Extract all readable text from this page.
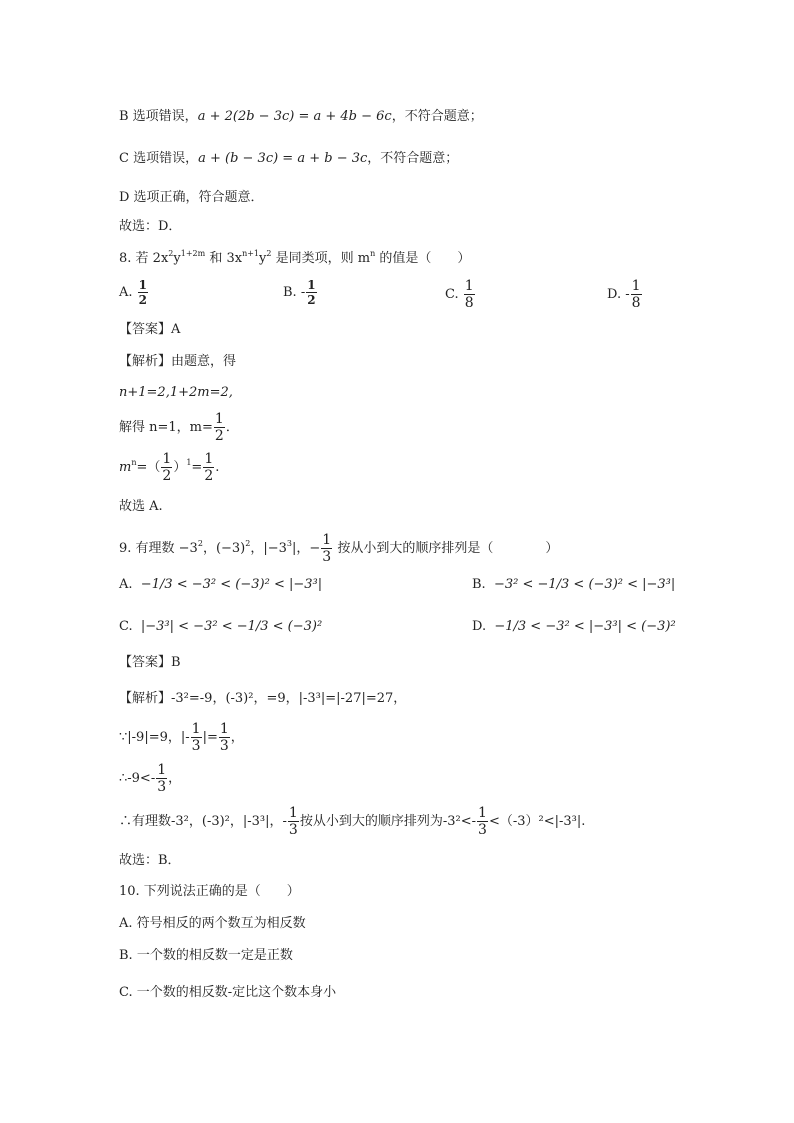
B 选项错误，a + 2(2b − 3c) = a + 4b − 6c，不符合题意；
C 选项错误，a + (b − 3c) = a + b − 3c，不符合题意；
D 选项正确，符合题意．
故选：D．
8. 若 $2x^2y^{1+2m}$ 和 $3x^{n+1}y^2$ 是同类项，则 $m^n$ 的值是（　　）
A. $\frac{1}{2}$	B. - $\frac{1}{2}$	C. $\frac{1}{8}$	D. - $\frac{1}{8}$
【答案】A
【解析】由题意，得
n+1=2,1+2m=2,
解得 n=1，$m= \frac{1}{2}$ ．
$m^n=( \frac{1}{2} )^1= \frac{1}{2}$ .
故选 A.
9. 有理数 $-3^2$，$(-3)^2$，$|-3^3|$，− $\frac{1}{3}$ 按从小到大的顺序排列是（　　　　）
A. −1/3 < −3² < (−3)² < |−3³|	B. −3² < −1/3 < (−3)² < |−3³|
C. |−3³| < −3² < −1/3 < (−3)²	D. −1/3 < −3² < |−3³| < (−3)²
【答案】B
【解析】-3²=-9，(-3)²，=9，|-3³|=|-27|=27，
∵|-9|=9，|- $\frac{1}{3}$ |= $\frac{1}{3}$ ，
∴-9<- $\frac{1}{3}$ ，
∴有理数-3²，(-3)²，|-3³|，- $\frac{1}{3}$ 按从小到大的顺序排列为$-3^2<- \frac{1}{3} <(-3)^2<|-3^3|$.
故选：B．
10. 下列说法正确的是（　　）
A. 符号相反的两个数互为相反数
B. 一个数的相反数一定是正数
C. 一个数的相反数-定比这个数本身小
